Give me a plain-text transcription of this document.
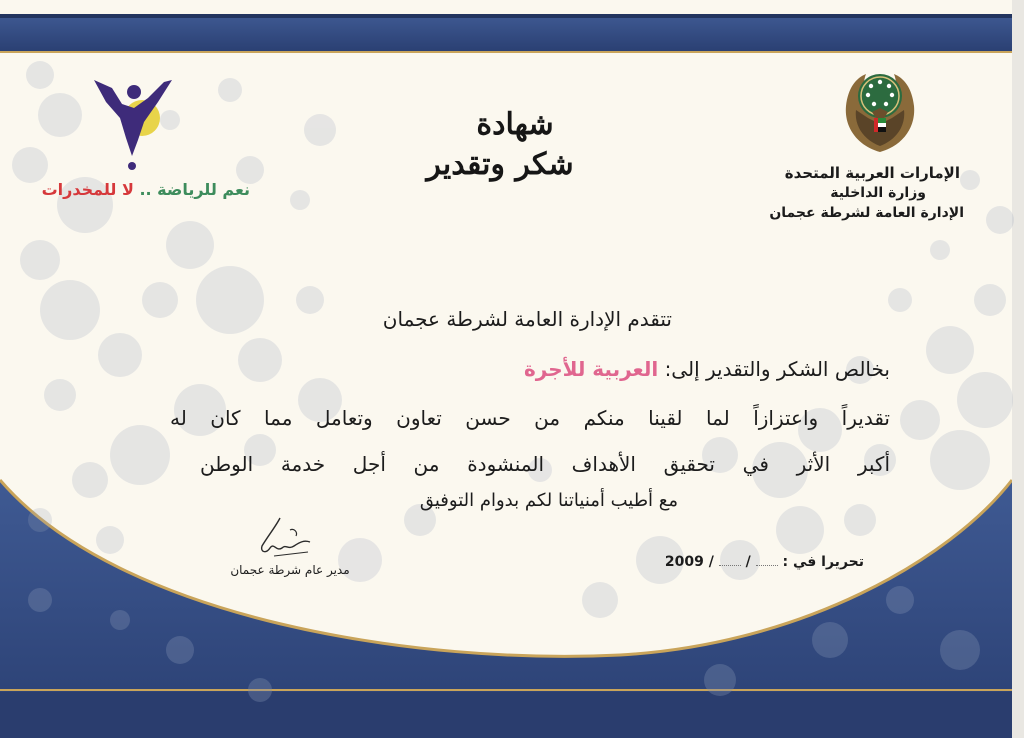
الإمارات العربية المتحدة
وزارة الداخلية
الإدارة العامة لشرطة عجمان
نعم للرياضة .. لا للمخدرات
شهادة
شكر وتقدير
تتقدم الإدارة العامة لشرطة عجمان
بخالص الشكر والتقدير إلى: العربية للأجرة
تقديراً واعتزازاً لما لقينا منكم من حسن تعاون وتعامل مما كان له
أكبر الأثر في تحقيق الأهداف المنشودة من أجل خدمة الوطن
مع أطيب أمنياتنا لكم بدوام التوفيق
تحريرا في :  /  / 2009
مدير عام شرطة عجمان
